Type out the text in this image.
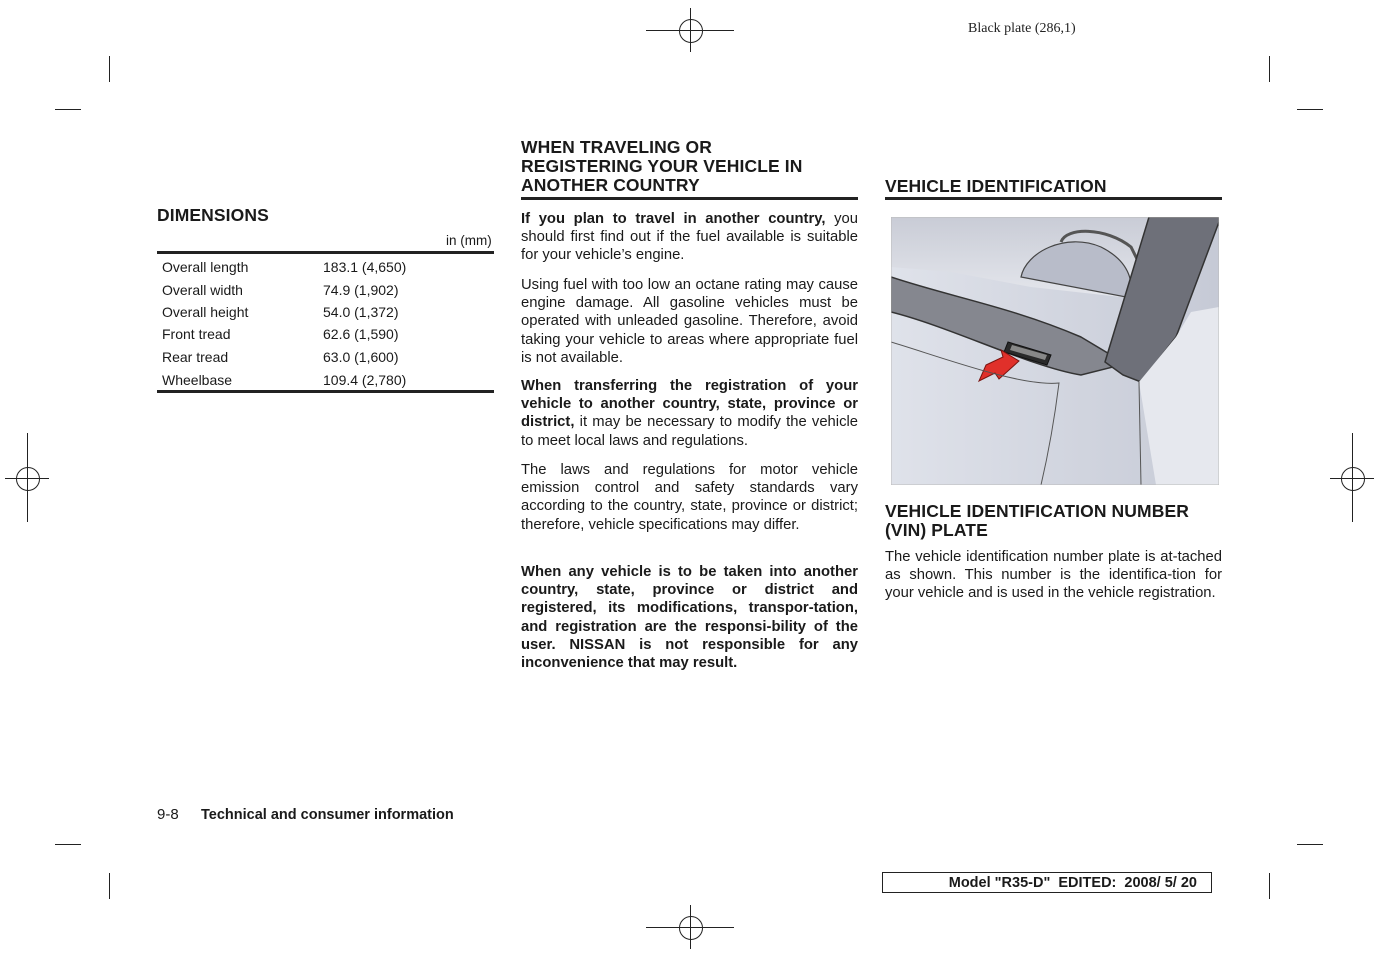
Black plate (286,1)
DIMENSIONS
in (mm)
Overall length	183.1 (4,650)
Overall width	74.9 (1,902)
Overall height	54.0 (1,372)
Front tread	62.6 (1,590)
Rear tread	63.0 (1,600)
Wheelbase	109.4 (2,780)
WHEN TRAVELING OR
REGISTERING YOUR VEHICLE IN
ANOTHER COUNTRY

If you plan to travel in another country, you should first find out if the fuel available is suitable for your vehicle’s engine.

Using fuel with too low an octane rating may cause engine damage. All gasoline vehicles must be operated with unleaded gasoline. Therefore, avoid taking your vehicle to areas where appropriate fuel is not available.

When transferring the registration of your vehicle to another country, state, province or district, it may be necessary to modify the vehicle to meet local laws and regulations.

The laws and regulations for motor vehicle emission control and safety standards vary according to the country, state, province or district; therefore, vehicle specifications may differ.

When any vehicle is to be taken into another country, state, province or district and registered, its modifications, transpor-tation, and registration are the responsi-bility of the user. NISSAN is not responsible for any inconvenience that may result.

VEHICLE IDENTIFICATION
VEHICLE IDENTIFICATION NUMBER
(VIN) PLATE

The vehicle identification number plate is at-tached as shown. This number is the identifica-tion for your vehicle and is used in the vehicle registration.

9-8 Technical and consumer information
Model "R35-D"  EDITED:  2008/ 5/ 20
